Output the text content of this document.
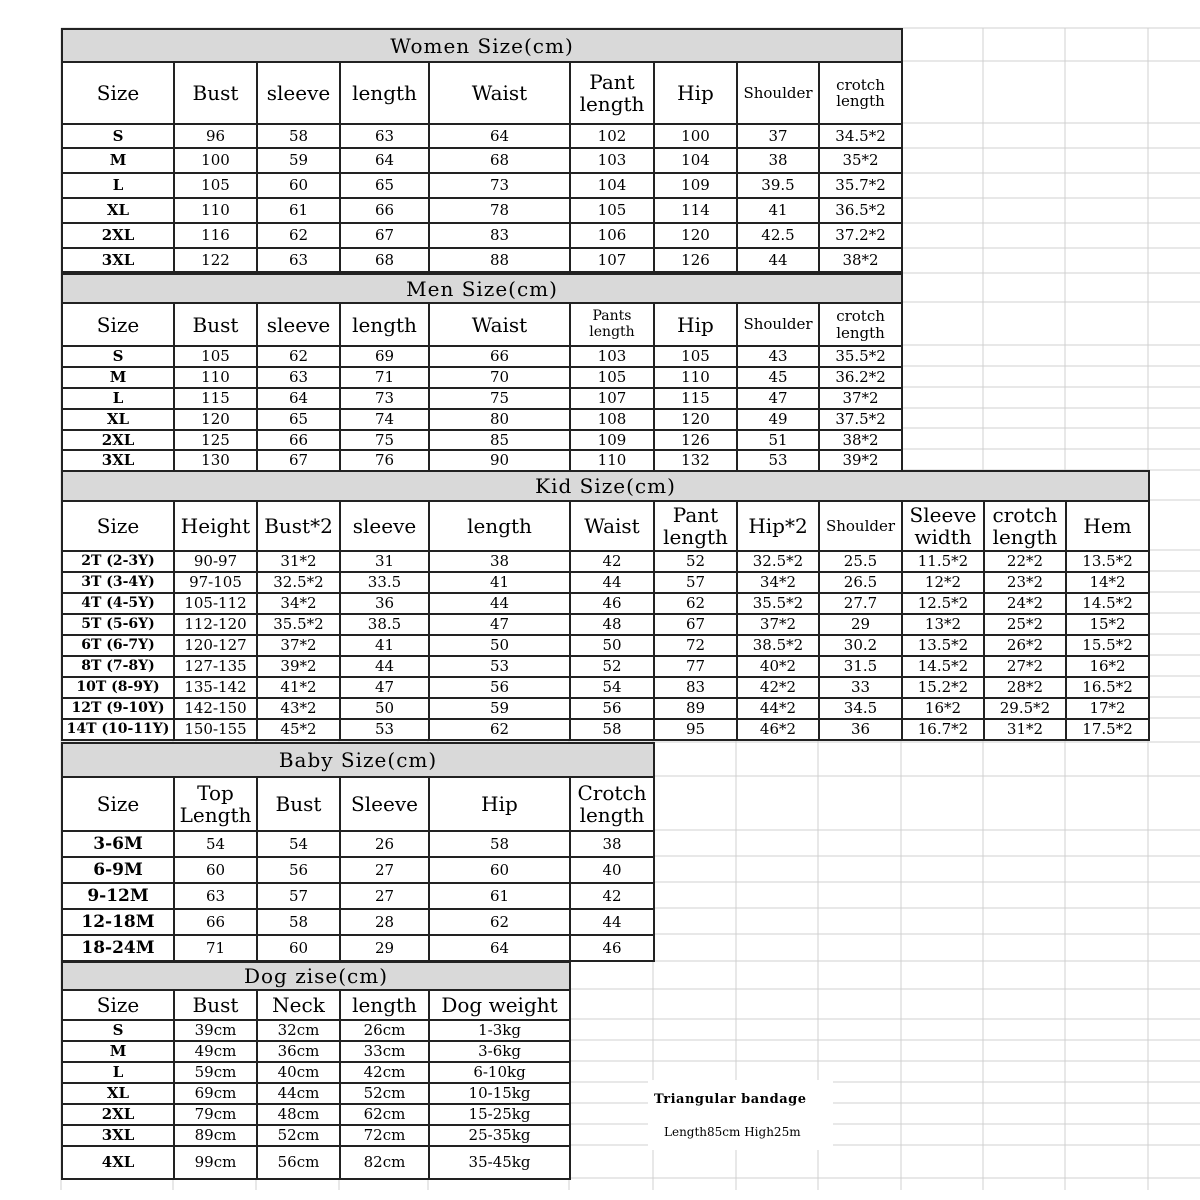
Women Size(cm)								
Size	Bust	sleeve	length	Waist	Pant length	Hip	Shoulder	crotch length
S	96	58	63	64	102	100	37	34.5*2
M	100	59	64	68	103	104	38	35*2
L	105	60	65	73	104	109	39.5	35.7*2
XL	110	61	66	78	105	114	41	36.5*2
2XL	116	62	67	83	106	120	42.5	37.2*2
3XL	122	63	68	88	107	126	44	38*2
Men Size(cm)								
Size	Bust	sleeve	length	Waist	Pants length	Hip	Shoulder	crotch length
S	105	62	69	66	103	105	43	35.5*2
M	110	63	71	70	105	110	45	36.2*2
L	115	64	73	75	107	115	47	37*2
XL	120	65	74	80	108	120	49	37.5*2
2XL	125	66	75	85	109	126	51	38*2
3XL	130	67	76	90	110	132	53	39*2
Kid Size(cm)											
Size	Height	Bust*2	sleeve	length	Waist	Pant length	Hip*2	Shoulder	Sleeve width	crotch length	Hem
2T (2-3Y)	90-97	31*2	31	38	42	52	32.5*2	25.5	11.5*2	22*2	13.5*2
3T (3-4Y)	97-105	32.5*2	33.5	41	44	57	34*2	26.5	12*2	23*2	14*2
4T (4-5Y)	105-112	34*2	36	44	46	62	35.5*2	27.7	12.5*2	24*2	14.5*2
5T (5-6Y)	112-120	35.5*2	38.5	47	48	67	37*2	29	13*2	25*2	15*2
6T (6-7Y)	120-127	37*2	41	50	50	72	38.5*2	30.2	13.5*2	26*2	15.5*2
8T (7-8Y)	127-135	39*2	44	53	52	77	40*2	31.5	14.5*2	27*2	16*2
10T (8-9Y)	135-142	41*2	47	56	54	83	42*2	33	15.2*2	28*2	16.5*2
12T (9-10Y)	142-150	43*2	50	59	56	89	44*2	34.5	16*2	29.5*2	17*2
14T (10-11Y)	150-155	45*2	53	62	58	95	46*2	36	16.7*2	31*2	17.5*2
Baby Size(cm)					
Size	Top Length	Bust	Sleeve	Hip	Crotch length
3-6M	54	54	26	58	38
6-9M	60	56	27	60	40
9-12M	63	57	27	61	42
12-18M	66	58	28	62	44
18-24M	71	60	29	64	46
Dog zise(cm)				
Size	Bust	Neck	length	Dog weight
S	39cm	32cm	26cm	1-3kg
M	49cm	36cm	33cm	3-6kg
L	59cm	40cm	42cm	6-10kg
XL	69cm	44cm	52cm	10-15kg
2XL	79cm	48cm	62cm	15-25kg
3XL	89cm	52cm	72cm	25-35kg
4XL	99cm	56cm	82cm	35-45kg
Triangular bandage
Length85cm High25m
